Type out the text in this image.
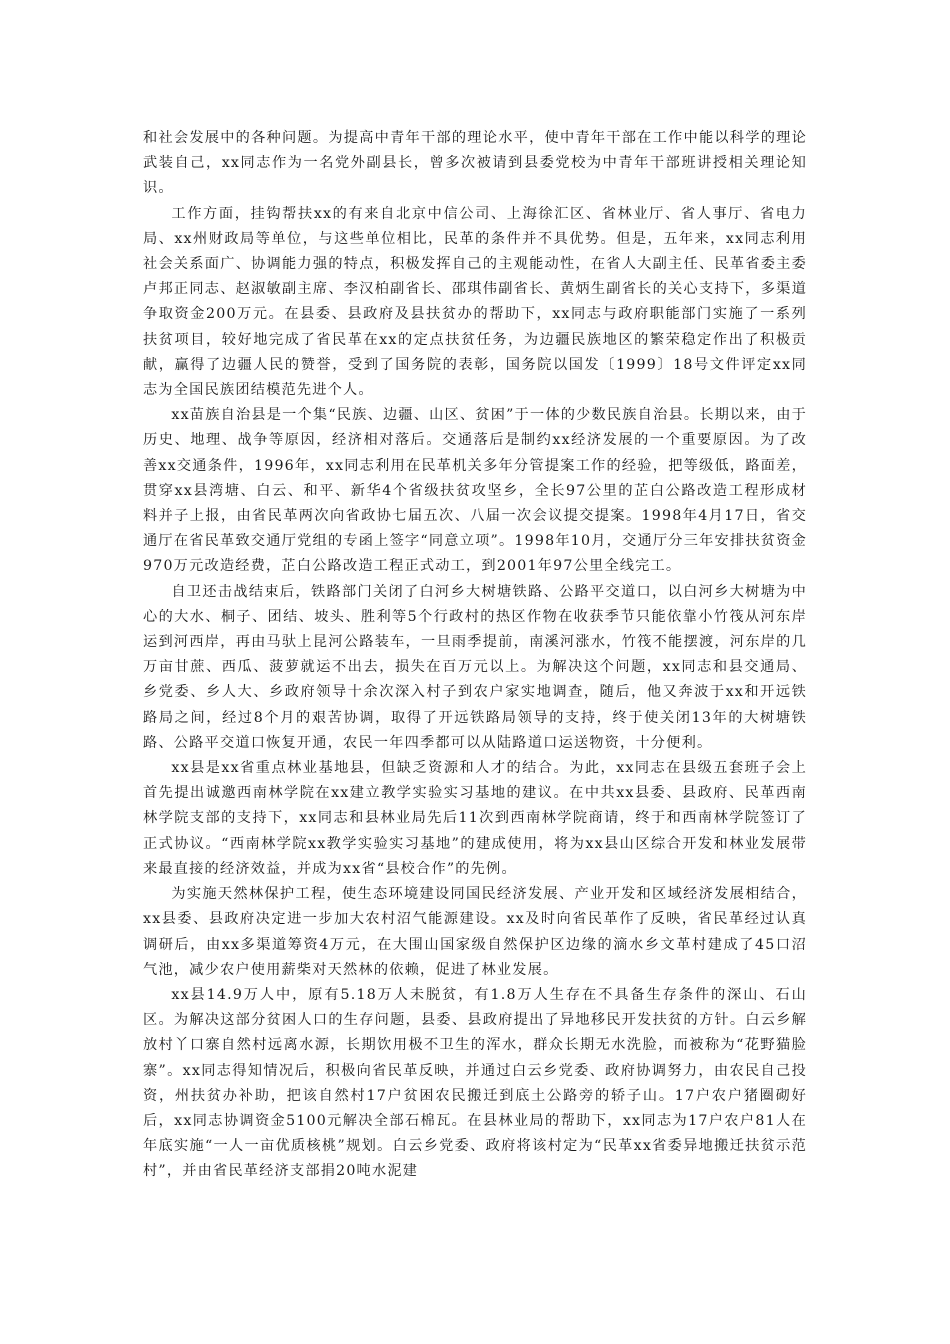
和社会发展中的各种问题。为提高中青年干部的理论水平，使中青年干部在工作中能以科学的理论武装自己，xx同志作为一名党外副县长，曾多次被请到县委党校为中青年干部班讲授相关理论知识。

工作方面，挂钩帮扶xx的有来自北京中信公司、上海徐汇区、省林业厅、省人事厅、省电力局、xx州财政局等单位，与这些单位相比，民革的条件并不具优势。但是，五年来，xx同志利用社会关系面广、协调能力强的特点，积极发挥自己的主观能动性，在省人大副主任、民革省委主委卢邦正同志、赵淑敏副主席、李汉柏副省长、邵琪伟副省长、黄炳生副省长的关心支持下，多渠道争取资金200万元。在县委、县政府及县扶贫办的帮助下，xx同志与政府职能部门实施了一系列扶贫项目，较好地完成了省民革在xx的定点扶贫任务，为边疆民族地区的繁荣稳定作出了积极贡献，赢得了边疆人民的赞誉，受到了国务院的表彰，国务院以国发〔1999〕18号文件评定xx同志为全国民族团结模范先进个人。

xx苗族自治县是一个集“民族、边疆、山区、贫困”于一体的少数民族自治县。长期以来，由于历史、地理、战争等原因，经济相对落后。交通落后是制约xx经济发展的一个重要原因。为了改善xx交通条件，1996年，xx同志利用在民革机关多年分管提案工作的经验，把等级低，路面差，贯穿xx县湾塘、白云、和平、新华4个省级扶贫攻坚乡，全长97公里的芷白公路改造工程形成材料并子上报，由省民革两次向省政协七届五次、八届一次会议提交提案。1998年4月17日，省交通厅在省民革致交通厅党组的专函上签字“同意立项”。1998年10月，交通厅分三年安排扶贫资金970万元改造经费，芷白公路改造工程正式动工，到2001年97公里全线完工。

自卫还击战结束后，铁路部门关闭了白河乡大树塘铁路、公路平交道口，以白河乡大树塘为中心的大水、桐子、团结、坡头、胜利等5个行政村的热区作物在收获季节只能依靠小竹筏从河东岸运到河西岸，再由马驮上昆河公路装车，一旦雨季提前，南溪河涨水，竹筏不能摆渡，河东岸的几万亩甘蔗、西瓜、菠萝就运不出去，损失在百万元以上。为解决这个问题，xx同志和县交通局、乡党委、乡人大、乡政府领导十余次深入村子到农户家实地调查，随后，他又奔波于xx和开远铁路局之间，经过8个月的艰苦协调，取得了开远铁路局领导的支持，终于使关闭13年的大树塘铁路、公路平交道口恢复开通，农民一年四季都可以从陆路道口运送物资，十分便利。

xx县是xx省重点林业基地县，但缺乏资源和人才的结合。为此，xx同志在县级五套班子会上首先提出诚邀西南林学院在xx建立教学实验实习基地的建议。在中共xx县委、县政府、民革西南林学院支部的支持下，xx同志和县林业局先后11次到西南林学院商请，终于和西南林学院签订了正式协议。“西南林学院xx教学实验实习基地”的建成使用，将为xx县山区综合开发和林业发展带来最直接的经济效益，并成为xx省“县校合作”的先例。

为实施天然林保护工程，使生态环境建设同国民经济发展、产业开发和区域经济发展相结合，xx县委、县政府决定进一步加大农村沼气能源建设。xx及时向省民革作了反映，省民革经过认真调研后，由xx多渠道筹资4万元，在大围山国家级自然保护区边缘的滴水乡文革村建成了45口沼气池，减少农户使用薪柴对天然林的依赖，促进了林业发展。

xx县14.9万人中，原有5.18万人未脱贫，有1.8万人生存在不具备生存条件的深山、石山区。为解决这部分贫困人口的生存问题，县委、县政府提出了异地移民开发扶贫的方针。白云乡解放村丫口寨自然村远离水源，长期饮用极不卫生的浑水，群众长期无水洗脸，而被称为“花野猫脸寨”。xx同志得知情况后，积极向省民革反映，并通过白云乡党委、政府协调努力，由农民自己投资，州扶贫办补助，把该自然村17户贫困农民搬迁到底土公路旁的轿子山。17户农户猪圈砌好后，xx同志协调资金5100元解决全部石棉瓦。在县林业局的帮助下，xx同志为17户农户81人在年底实施“一人一亩优质核桃”规划。白云乡党委、政府将该村定为“民革xx省委异地搬迁扶贫示范村”，并由省民革经济支部捐20吨水泥建
